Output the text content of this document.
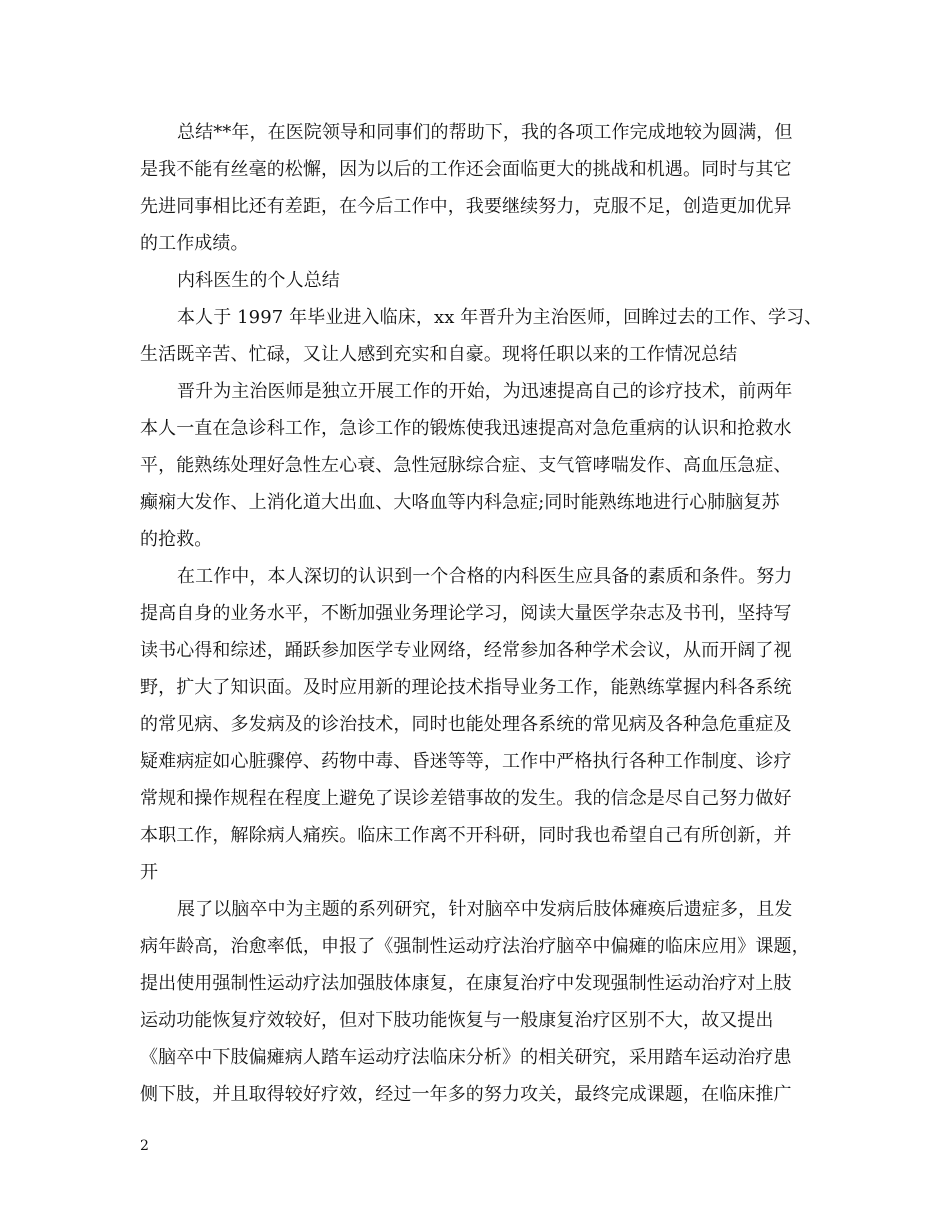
总结**年，在医院领导和同事们的帮助下，我的各项工作完成地较为圆满，但
是我不能有丝毫的松懈，因为以后的工作还会面临更大的挑战和机遇。同时与其它
先进同事相比还有差距，在今后工作中，我要继续努力，克服不足，创造更加优异
的工作成绩。
内科医生的个人总结
本人于 1997 年毕业进入临床，xx 年晋升为主治医师，回眸过去的工作、学习、
生活既辛苦、忙碌，又让人感到充实和自豪。现将任职以来的工作情况总结
晋升为主治医师是独立开展工作的开始，为迅速提高自己的诊疗技术，前两年
本人一直在急诊科工作，急诊工作的锻炼使我迅速提高对急危重病的认识和抢救水
平，能熟练处理好急性左心衰、急性冠脉综合症、支气管哮喘发作、高血压急症、
癫痫大发作、上消化道大出血、大咯血等内科急症;同时能熟练地进行心肺脑复苏
的抢救。
在工作中，本人深切的认识到一个合格的内科医生应具备的素质和条件。努力
提高自身的业务水平，不断加强业务理论学习，阅读大量医学杂志及书刊，坚持写
读书心得和综述，踊跃参加医学专业网络，经常参加各种学术会议，从而开阔了视
野，扩大了知识面。及时应用新的理论技术指导业务工作，能熟练掌握内科各系统
的常见病、多发病及的诊治技术，同时也能处理各系统的常见病及各种急危重症及
疑难病症如心脏骤停、药物中毒、昏迷等等，工作中严格执行各种工作制度、诊疗
常规和操作规程在程度上避免了误诊差错事故的发生。我的信念是尽自己努力做好
本职工作，解除病人痛疾。临床工作离不开科研，同时我也希望自己有所创新，并
开
展了以脑卒中为主题的系列研究，针对脑卒中发病后肢体瘫痪后遗症多，且发
病年龄高，治愈率低，申报了《强制性运动疗法治疗脑卒中偏瘫的临床应用》课题，
提出使用强制性运动疗法加强肢体康复，在康复治疗中发现强制性运动治疗对上肢
运动功能恢复疗效较好，但对下肢功能恢复与一般康复治疗区别不大，故又提出
《脑卒中下肢偏瘫病人踏车运动疗法临床分析》的相关研究，采用踏车运动治疗患
侧下肢，并且取得较好疗效，经过一年多的努力攻关，最终完成课题，在临床推广
2
